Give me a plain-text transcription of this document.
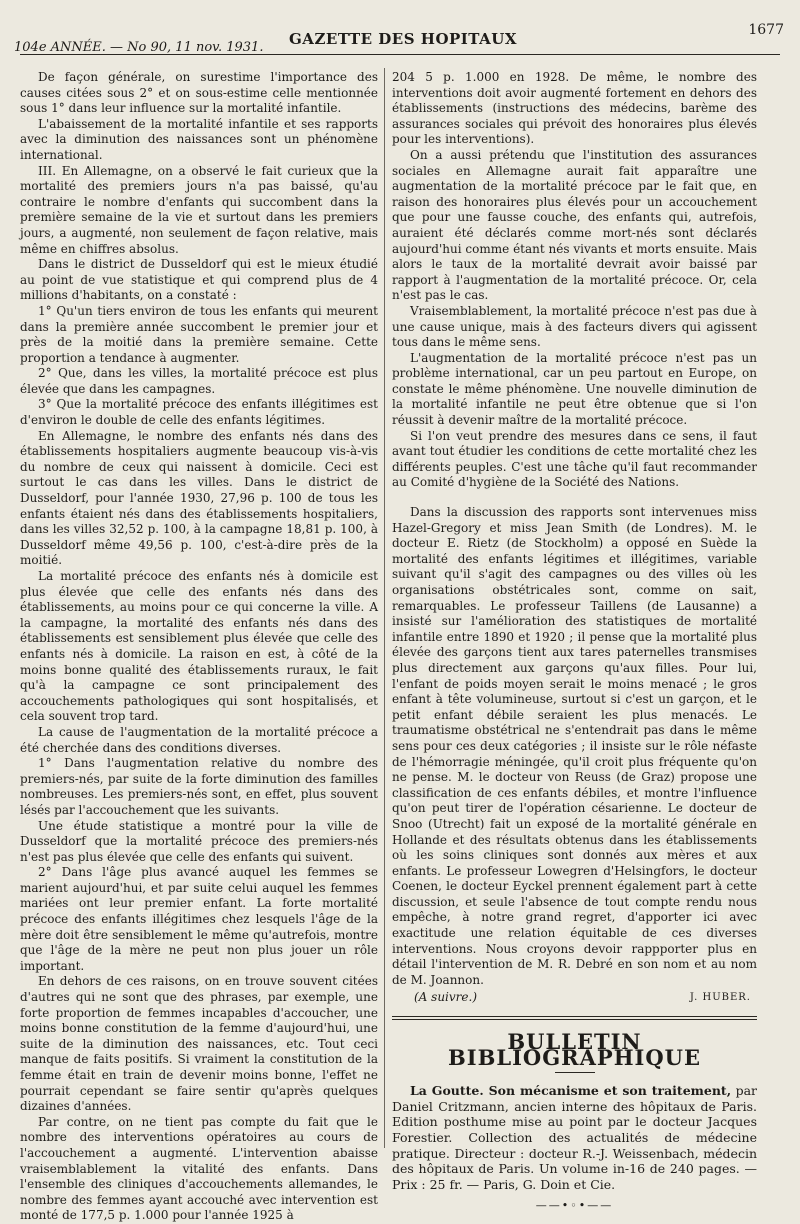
104e ANNÉE. — No 90, 11 nov. 1931. GAZETTE DES HOPITAUX	1677

De façon générale, on surestime l'importance des causes citées sous 2° et on sous-estime celle mentionnée sous 1° dans leur influence sur la mortalité infantile.

L'abaissement de la mortalité infantile et ses rapports avec la diminution des naissances sont un phénomène international.

III. En Allemagne, on a observé le fait curieux que la mortalité des premiers jours n'a pas baissé, qu'au contraire le nombre d'enfants qui succombent dans la première semaine de la vie et surtout dans les premiers jours, a augmenté, non seulement de façon relative, mais même en chiffres absolus.

Dans le district de Dusseldorf qui est le mieux étudié au point de vue statistique et qui comprend plus de 4 millions d'habitants, on a constaté :

1° Qu'un tiers environ de tous les enfants qui meurent dans la première année succombent le premier jour et près de la moitié dans la première semaine. Cette proportion a tendance à augmenter.

2° Que, dans les villes, la mortalité précoce est plus élevée que dans les campagnes.

3° Que la mortalité précoce des enfants illégitimes est d'environ le double de celle des enfants légitimes.

En Allemagne, le nombre des enfants nés dans des établissements hospitaliers augmente beaucoup vis-à-vis du nombre de ceux qui naissent à domicile. Ceci est surtout le cas dans les villes. Dans le district de Dusseldorf, pour l'année 1930, 27,96 p. 100 de tous les enfants étaient nés dans des établissements hospitaliers, dans les villes 32,52 p. 100, à la campagne 18,81 p. 100, à Dusseldorf même 49,56 p. 100, c'est-à-dire près de la moitié.

La mortalité précoce des enfants nés à domicile est plus élevée que celle des enfants nés dans des établissements, au moins pour ce qui concerne la ville. A la campagne, la mortalité des enfants nés dans des établissements est sensiblement plus élevée que celle des enfants nés à domicile. La raison en est, à côté de la moins bonne qualité des établissements ruraux, le fait qu'à la campagne ce sont principalement des accouchements pathologiques qui sont hospitalisés, et cela souvent trop tard.

La cause de l'augmentation de la mortalité précoce a été cherchée dans des conditions diverses.

1° Dans l'augmentation relative du nombre des premiers-nés, par suite de la forte diminution des familles nombreuses. Les premiers-nés sont, en effet, plus souvent lésés par l'accouchement que les suivants.

Une étude statistique a montré pour la ville de Dusseldorf que la mortalité précoce des premiers-nés n'est pas plus élevée que celle des enfants qui suivent.

2° Dans l'âge plus avancé auquel les femmes se marient aujourd'hui, et par suite celui auquel les femmes mariées ont leur premier enfant. La forte mortalité précoce des enfants illégitimes chez lesquels l'âge de la mère doit être sensiblement le même qu'autrefois, montre que l'âge de la mère ne peut non plus jouer un rôle important.

En dehors de ces raisons, on en trouve souvent citées d'autres qui ne sont que des phrases, par exemple, une forte proportion de femmes incapables d'accoucher, une moins bonne constitution de la femme d'aujourd'hui, une suite de la diminution des naissances, etc. Tout ceci manque de faits positifs. Si vraiment la constitution de la femme était en train de devenir moins bonne, l'effet ne pourrait cependant se faire sentir qu'après quelques dizaines d'années.

Par contre, on ne tient pas compte du fait que le nombre des interventions opératoires au cours de l'accouchement a augmenté. L'intervention abaisse vraisemblablement la vitalité des enfants. Dans l'ensemble des cliniques d'accouchements allemandes, le nombre des femmes ayant accouché avec intervention est monté de 177,5 p. 1.000 pour l'année 1925 à

204 5 p. 1.000 en 1928. De même, le nombre des interventions doit avoir augmenté fortement en dehors des établissements (instructions des médecins, barème des assurances sociales qui prévoit des honoraires plus élevés pour les interventions).

On a aussi prétendu que l'institution des assurances sociales en Allemagne aurait fait apparaître une augmentation de la mortalité précoce par le fait que, en raison des honoraires plus élevés pour un accouchement que pour une fausse couche, des enfants qui, autrefois, auraient été déclarés comme mort-nés sont déclarés aujourd'hui comme étant nés vivants et morts ensuite. Mais alors le taux de la mortalité devrait avoir baissé par rapport à l'augmentation de la mortalité précoce. Or, cela n'est pas le cas.

Vraisemblablement, la mortalité précoce n'est pas due à une cause unique, mais à des facteurs divers qui agissent tous dans le même sens.

L'augmentation de la mortalité précoce n'est pas un problème international, car un peu partout en Europe, on constate le même phénomène. Une nouvelle diminution de la mortalité infantile ne peut être obtenue que si l'on réussit à devenir maître de la mortalité précoce.

Si l'on veut prendre des mesures dans ce sens, il faut avant tout étudier les conditions de cette mortalité chez les différents peuples. C'est une tâche qu'il faut recommander au Comité d'hygiène de la Société des Nations.

Dans la discussion des rapports sont intervenues miss Hazel-Gregory et miss Jean Smith (de Londres). M. le docteur E. Rietz (de Stockholm) a opposé en Suède la mortalité des enfants légitimes et illégitimes, variable suivant qu'il s'agit des campagnes ou des villes où les organisations obstétricales sont, comme on sait, remarquables. Le professeur Taillens (de Lausanne) a insisté sur l'amélioration des statistiques de mortalité infantile entre 1890 et 1920 ; il pense que la mortalité plus élevée des garçons tient aux tares paternelles transmises plus directement aux garçons qu'aux filles. Pour lui, l'enfant de poids moyen serait le moins menacé ; le gros enfant à tête volumineuse, surtout si c'est un garçon, et le petit enfant débile seraient les plus menacés. Le traumatisme obstétrical ne s'entendrait pas dans le même sens pour ces deux catégories ; il insiste sur le rôle néfaste de l'hémorragie méningée, qu'il croit plus fréquente qu'on ne pense. M. le docteur von Reuss (de Graz) propose une classification de ces enfants débiles, et montre l'influence qu'on peut tirer de l'opération césarienne. Le docteur de Snoo (Utrecht) fait un exposé de la mortalité générale en Hollande et des résultats obtenus dans les établissements où les soins cliniques sont donnés aux mères et aux enfants. Le professeur Lowegren d'Helsingfors, le docteur Coenen, le docteur Eyckel prennent également part à cette discussion, et seule l'absence de tout compte rendu nous empêche, à notre grand regret, d'apporter ici avec exactitude une relation équitable de ces diverses interventions. Nous croyons devoir rappporter plus en détail l'intervention de M. R. Debré en son nom et au nom de M. Joannon.

(A suivre.)	J. HUBER.
BULLETIN BIBLIOGRAPHIQUE

La Goutte. Son mécanisme et son traitement, par Daniel Critzmann, ancien interne des hôpitaux de Paris. Edition posthume mise au point par le docteur Jacques Forestier. Collection des actualités de médecine pratique. Directeur : docteur R.-J. Weissenbach, médecin des hôpitaux de Paris. Un volume in-16 de 240 pages. — Prix : 25 fr. — Paris, G. Doin et Cie.

——•◦•——
